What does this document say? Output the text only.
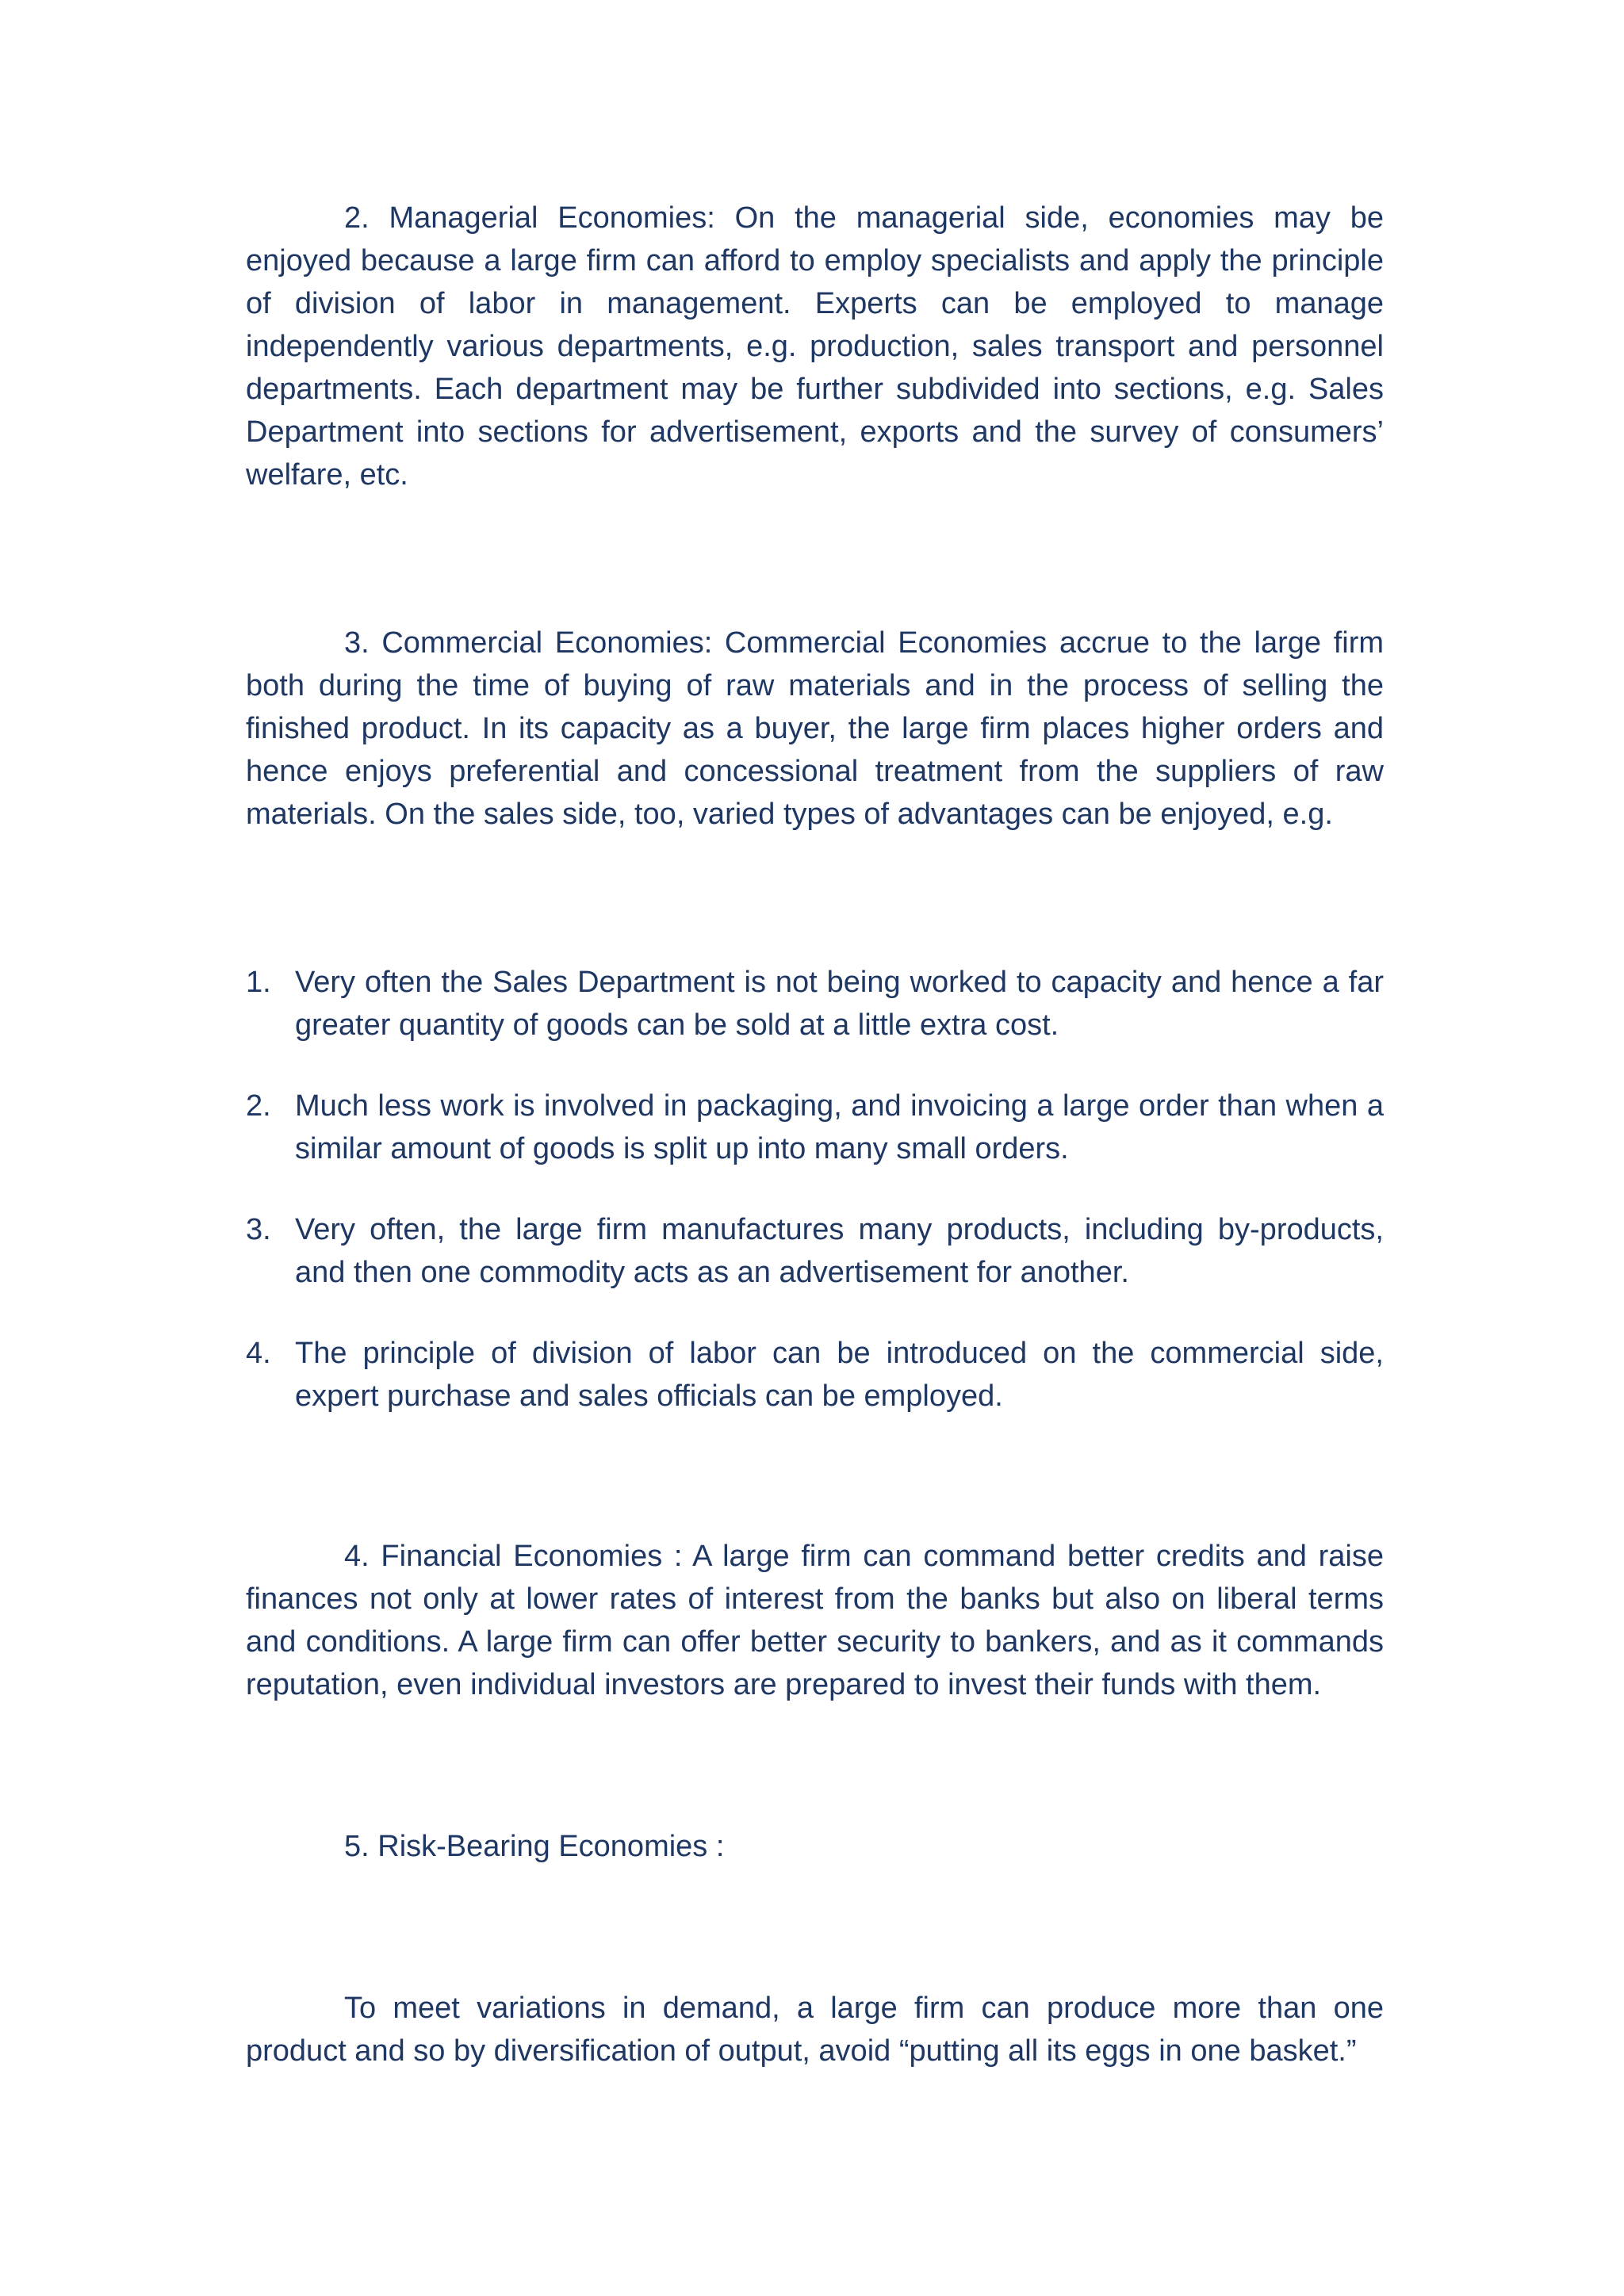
2. Managerial Economies: On the managerial side, economies may be enjoyed because a large firm can afford to employ specialists and apply the principle of division of labor in management. Experts can be employed to manage independently various departments, e.g. production, sales transport and personnel departments. Each department may be further subdivided into sections, e.g. Sales Department into sections for advertisement, exports and the survey of consumers’ welfare, etc.

3. Commercial Economies: Commercial Economies accrue to the large firm both during the time of buying of raw materials and in the process of selling the finished product. In its capacity as a buyer, the large firm places higher orders and hence enjoys preferential and concessional treatment from the suppliers of raw materials. On the sales side, too, varied types of advantages can be enjoyed, e.g.

1. Very often the Sales Department is not being worked to capacity and hence a far greater quantity of goods can be sold at a little extra cost.
2. Much less work is involved in packaging, and invoicing a large order than when a similar amount of goods is split up into many small orders.
3. Very often, the large firm manufactures many products, including by-products, and then one commodity acts as an advertisement for another.
4. The principle of division of labor can be introduced on the commercial side, expert purchase and sales officials can be employed.

4. Financial Economies : A large firm can command better credits and raise finances not only at lower rates of interest from the banks but also on liberal terms and conditions. A large firm can offer better security to bankers, and as it commands reputation, even individual investors are prepared to invest their funds with them.

5. Risk-Bearing Economies :

To meet variations in demand, a large firm can produce more than one product and so by diversification of output, avoid “putting all its eggs in one basket.”
